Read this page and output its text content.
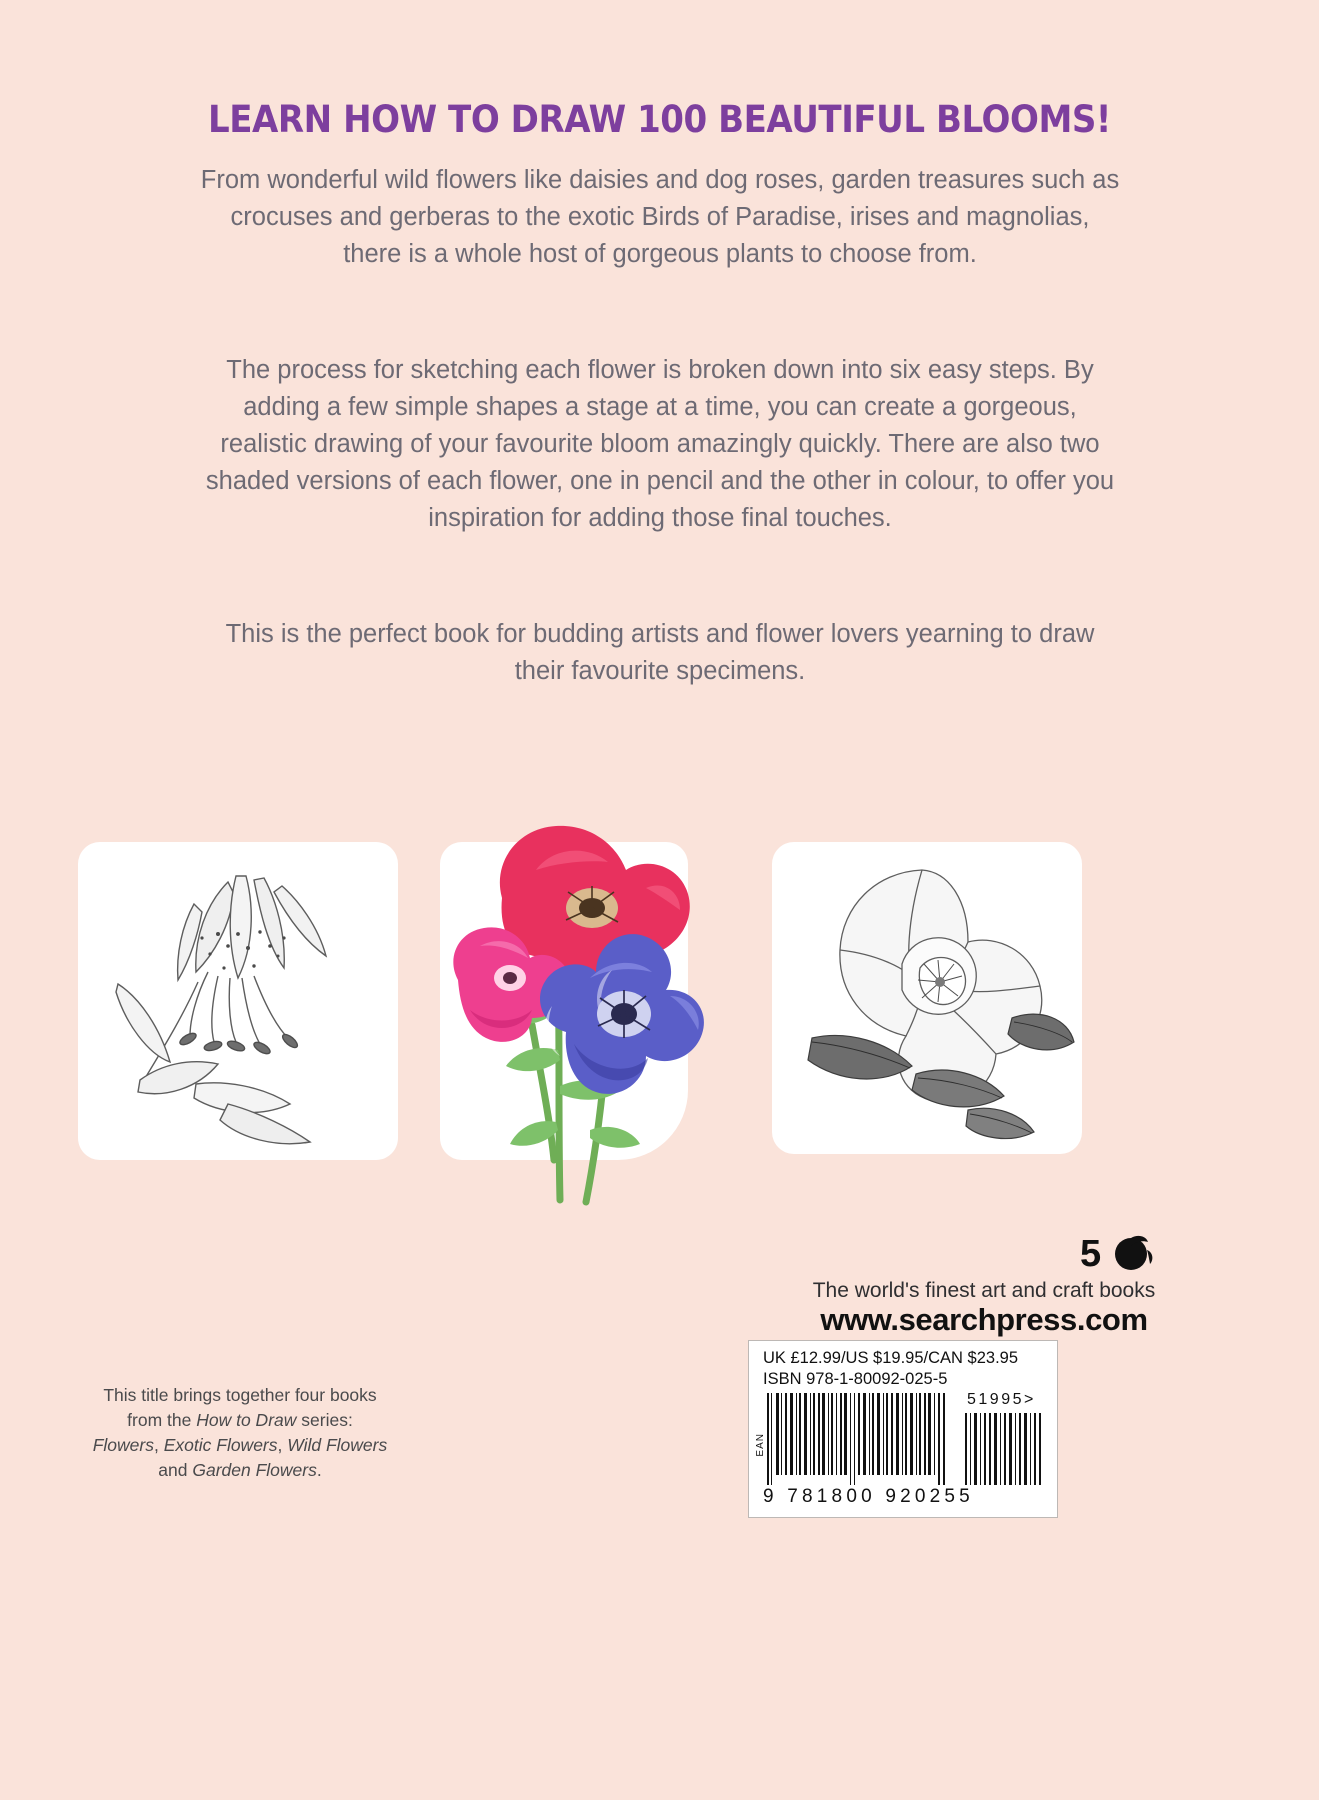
LEARN HOW TO DRAW 100 BEAUTIFUL BLOOMS!
From wonderful wild flowers like daisies and dog roses, garden treasures such as crocuses and gerberas to the exotic Birds of Paradise, irises and magnolias, there is a whole host of gorgeous plants to choose from.
The process for sketching each flower is broken down into six easy steps. By adding a few simple shapes a stage at a time, you can create a gorgeous, realistic drawing of your favourite bloom amazingly quickly. There are also two shaded versions of each flower, one in pencil and the other in colour, to offer you inspiration for adding those final touches.
This is the perfect book for budding artists and flower lovers yearning to draw their favourite specimens.
5
The world's finest art and craft books
www.searchpress.com
UK £12.99/US $19.95/CAN $23.95
ISBN 978-1-80092-025-5
EAN
51995>
9 781800 920255
This title brings together four books
from the How to Draw series:
Flowers, Exotic Flowers, Wild Flowers
and Garden Flowers.
